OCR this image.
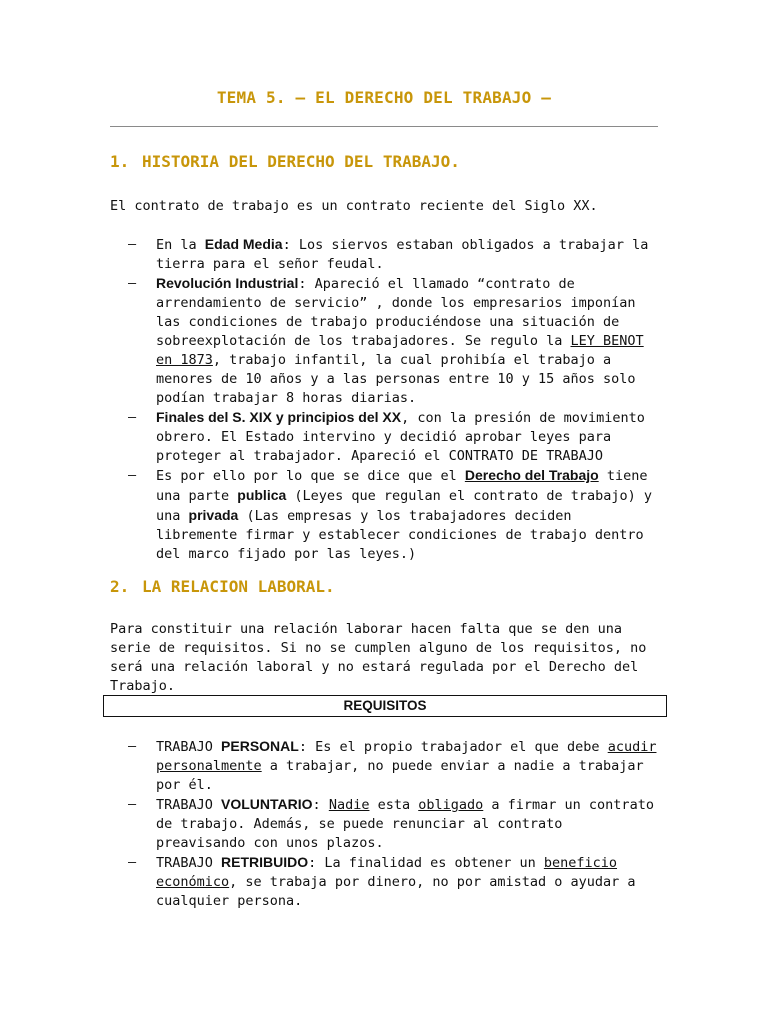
TEMA 5. – EL DERECHO DEL TRABAJO –
1. HISTORIA DEL DERECHO DEL TRABAJO.
El contrato de trabajo es un contrato reciente del Siglo XX.
– En la Edad Media: Los siervos estaban obligados a trabajar la tierra para el señor feudal.
– Revolución Industrial: Apareció el llamado “contrato de arrendamiento de servicio” , donde los empresarios imponían las condiciones de trabajo produciéndose una situación de sobreexplotación de los trabajadores. Se regulo la LEY BENOT en 1873, trabajo infantil, la cual prohibía el trabajo a menores de 10 años y a las personas entre 10 y 15 años solo podían trabajar 8 horas diarias.
– Finales del S. XIX y principios del XX, con la presión de movimiento obrero. El Estado intervino y decidió aprobar leyes para proteger al trabajador. Apareció el CONTRATO DE TRABAJO
– Es por ello por lo que se dice que el Derecho del Trabajo tiene una parte publica (Leyes que regulan el contrato de trabajo) y una privada (Las empresas y los trabajadores deciden libremente firmar y establecer condiciones de trabajo dentro del marco fijado por las leyes.)
2. LA RELACION LABORAL.
Para constituir una relación laborar hacen falta que se den una serie de requisitos. Si no se cumplen alguno de los requisitos, no será una relación laboral y no estará regulada por el Derecho del Trabajo.
REQUISITOS
– TRABAJO PERSONAL: Es el propio trabajador el que debe acudir personalmente a trabajar, no puede enviar a nadie a trabajar por él.
– TRABAJO VOLUNTARIO: Nadie esta obligado a firmar un contrato de trabajo. Además, se puede renunciar al contrato preavisando con unos plazos.
– TRABAJO RETRIBUIDO: La finalidad es obtener un beneficio económico, se trabaja por dinero, no por amistad o ayudar a cualquier persona.
